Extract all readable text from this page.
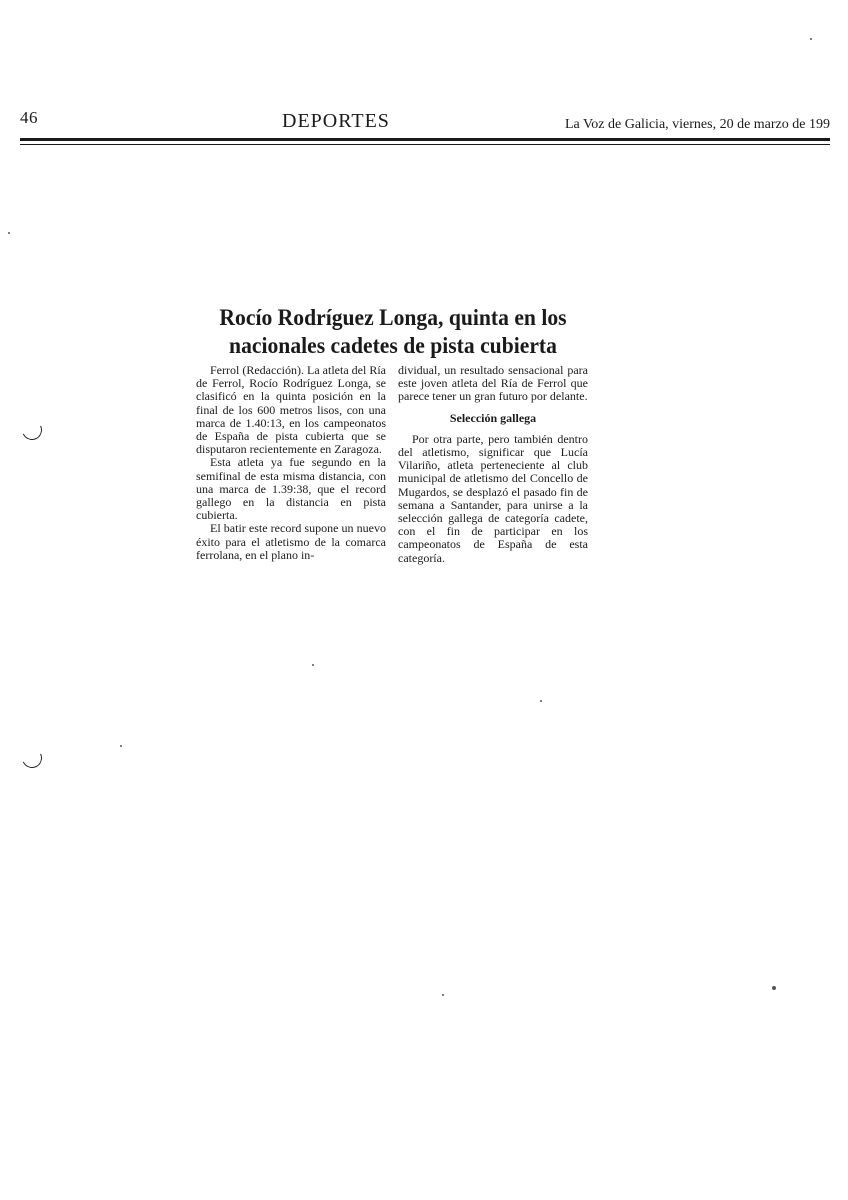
46	DEPORTES	La Voz de Galicia, viernes, 20 de marzo de 199
Rocío Rodríguez Longa, quinta en los
nacionales cadetes de pista cubierta

Ferrol (Redacción). La atleta del Ría de Ferrol, Rocío Rodríguez Longa, se clasificó en la quinta posición en la final de los 600 metros lisos, con una marca de 1.40:13, en los campeonatos de España de pista cubierta que se disputaron recientemente en Zaragoza.

Esta atleta ya fue segundo en la semifinal de esta misma distancia, con una marca de 1.39:38, que el record gallego en la distancia en pista cubierta.

El batir este record supone un nuevo éxito para el atletismo de la comarca ferrolana, en el plano in-

dividual, un resultado sensacional para este joven atleta del Ría de Ferrol que parece tener un gran futuro por delante.

Selección gallega

Por otra parte, pero también dentro del atletismo, significar que Lucía Vilariño, atleta perteneciente al club municipal de atletismo del Concello de Mugardos, se desplazó el pasado fin de semana a Santander, para unirse a la selección gallega de categoría cadete, con el fin de participar en los campeonatos de España de esta categoría.
